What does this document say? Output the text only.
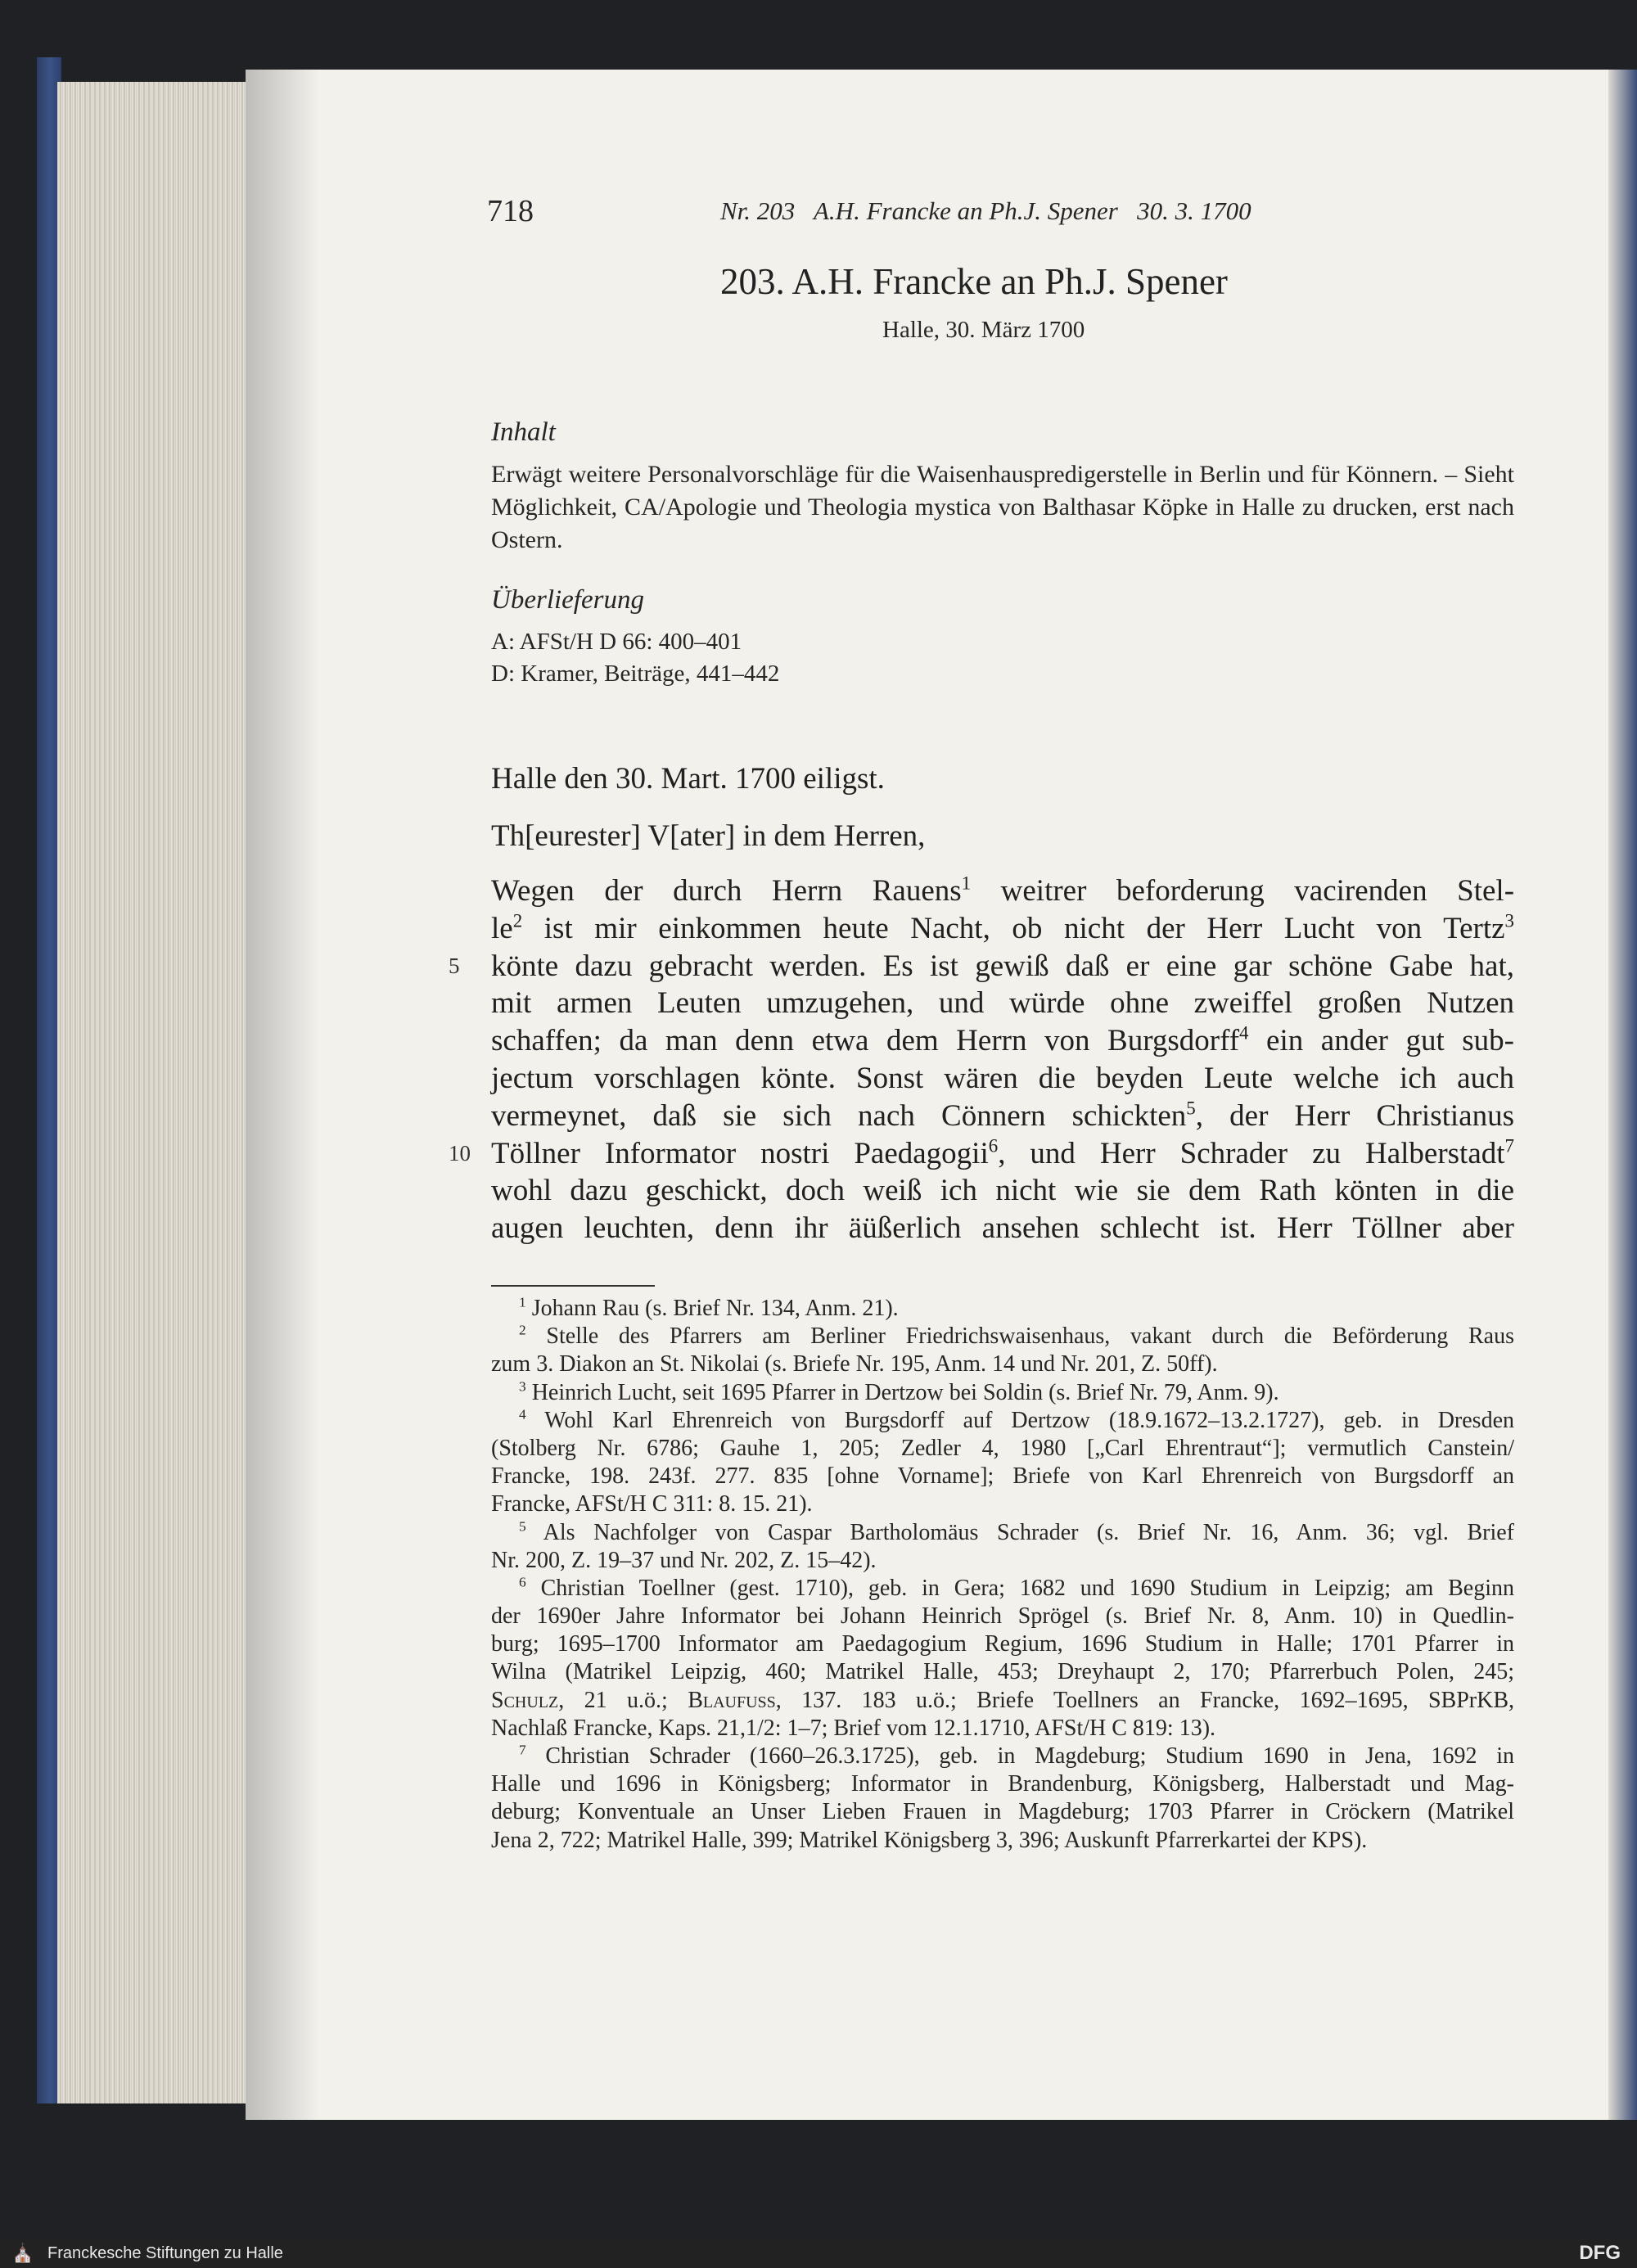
718	Nr. 203   A.H. Francke an Ph.J. Spener   30. 3. 1700

203. A.H. Francke an Ph.J. Spener

Halle, 30. März 1700

Inhalt

Erwägt weitere Personalvorschläge für die Waisenhauspredigerstelle in Berlin und für Könnern. – Sieht Möglichkeit, CA/Apologie und Theologia mystica von Balthasar Köpke in Halle zu drucken, erst nach Ostern.

Überlieferung
A: AFSt/H D 66: 400–401
D: Kramer, Beiträge, 441–442

Halle den 30. Mart. 1700 eiligst.

Th[eurester] V[ater] in dem Herren,

Wegen der durch Herrn Rauens$^1$ weitrer beforderung vacirenden Stel-
$le^2$ ist mir einkommen heute Nacht, ob nicht der Herr Lucht von Tertz$^3$
5 könte dazu gebracht werden. Es ist gewiß daß er eine gar schöne Gabe hat,
mit armen Leuten umzugehen, und würde ohne zweiffel großen Nutzen
schaffen; da man denn etwa dem Herrn von Burgsdorff$^4$ ein ander gut sub-
jectum vorschlagen könte. Sonst wären die beyden Leute welche ich auch
vermeynet, daß sie sich nach Cönnern schickten$^5$, der Herr Christianus
10 Töllner Informator nostri Paedagogii$^6$, und Herr Schrader zu Halberstadt$^7$
wohl dazu geschickt, doch weiß ich nicht wie sie dem Rath könten in die
augen leuchten, denn ihr äüßerlich ansehen schlecht ist. Herr Töllner aber
$^1$ Johann Rau (s. Brief Nr. 134, Anm. 21).
$^2$ Stelle des Pfarrers am Berliner Friedrichswaisenhaus, vakant durch die Beförderung Raus
zum 3. Diakon an St. Nikolai (s. Briefe Nr. 195, Anm. 14 und Nr. 201, Z. 50ff).
$^3$ Heinrich Lucht, seit 1695 Pfarrer in Dertzow bei Soldin (s. Brief Nr. 79, Anm. 9).
$^4$ Wohl Karl Ehrenreich von Burgsdorff auf Dertzow (18.9.1672–13.2.1727), geb. in Dresden
(Stolberg Nr. 6786; Gauhe 1, 205; Zedler 4, 1980 [„Carl Ehrentraut“]; vermutlich Canstein/
Francke, 198. 243f. 277. 835 [ohne Vorname]; Briefe von Karl Ehrenreich von Burgsdorff an
Francke, AFSt/H C 311: 8. 15. 21).
$^5$ Als Nachfolger von Caspar Bartholomäus Schrader (s. Brief Nr. 16, Anm. 36; vgl. Brief
Nr. 200, Z. 19–37 und Nr. 202, Z. 15–42).
$^6$ Christian Toellner (gest. 1710), geb. in Gera; 1682 und 1690 Studium in Leipzig; am Beginn
der 1690er Jahre Informator bei Johann Heinrich Sprögel (s. Brief Nr. 8, Anm. 10) in Quedlin-
burg; 1695–1700 Informator am Paedagogium Regium, 1696 Studium in Halle; 1701 Pfarrer in
Wilna (Matrikel Leipzig, 460; Matrikel Halle, 453; Dreyhaupt 2, 170; Pfarrerbuch Polen, 245;
Schulz, 21 u.ö.; Blaufuss, 137. 183 u.ö.; Briefe Toellners an Francke, 1692–1695, SBPrKB,
Nachlaß Francke, Kaps. 21,1/2: 1–7; Brief vom 12.1.1710, AFSt/H C 819: 13).
$^7$ Christian Schrader (1660–26.3.1725), geb. in Magdeburg; Studium 1690 in Jena, 1692 in
Halle und 1696 in Königsberg; Informator in Brandenburg, Königsberg, Halberstadt und Mag-
deburg; Konventuale an Unser Lieben Frauen in Magdeburg; 1703 Pfarrer in Cröckern (Matrikel
Jena 2, 722; Matrikel Halle, 399; Matrikel Königsberg 3, 396; Auskunft Pfarrerkartei der KPS).
⛪ Franckesche Stiftungen zu Halle	DFG
